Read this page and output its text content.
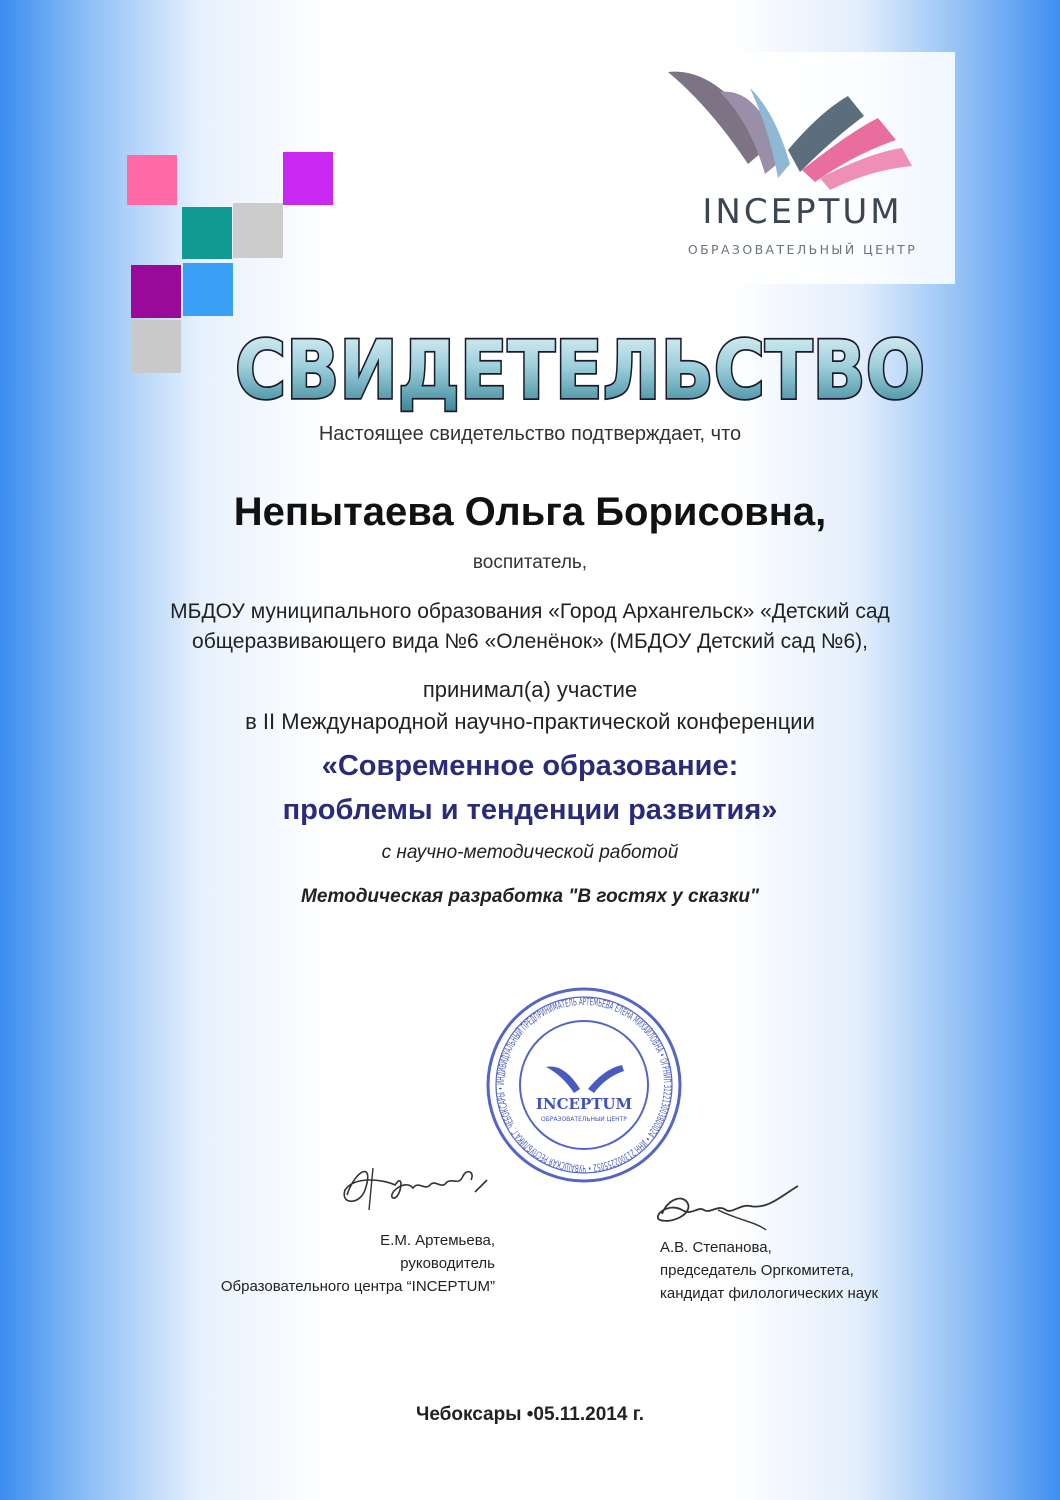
INCEPTUM
ОБРАЗОВАТЕЛЬНЫЙ ЦЕНТР
СВИДЕТЕЛЬСТВО
Настоящее свидетельство подтверждает, что
Непытаева Ольга Борисовна,
воспитатель,
МБДОУ муниципального образования «Город Архангельск» «Детский сад
общеразвивающего вида №6 «Оленёнок» (МБДОУ Детский сад №6),
принимал(а) участие
в II Международной научно-практической конференции
«Современное образование:
проблемы и тенденции развития»
с научно-методической работой
Методическая разработка "В гостях у сказки"
ИНДИВИДУАЛЬНЫЙ ПРЕДПРИНИМАТЕЛЬ АРТЕМЬЕВА ЕЛЕНА МИХАЙЛОВНА • ОГРНИП 312213003800024 • ИНН 213002255052 • ЧУВАШСКАЯ РЕСПУБЛИКА Г. ЧЕБОКСАРЫ •
INCEPTUM
ОБРАЗОВАТЕЛЬНЫЙ ЦЕНТР
Е.М. Артемьева,
руководитель
Образовательного центра “INCEPTUM”
А.В. Степанова,
председатель Оргкомитета,
кандидат филологических наук
Чебоксары •05.11.2014 г.
